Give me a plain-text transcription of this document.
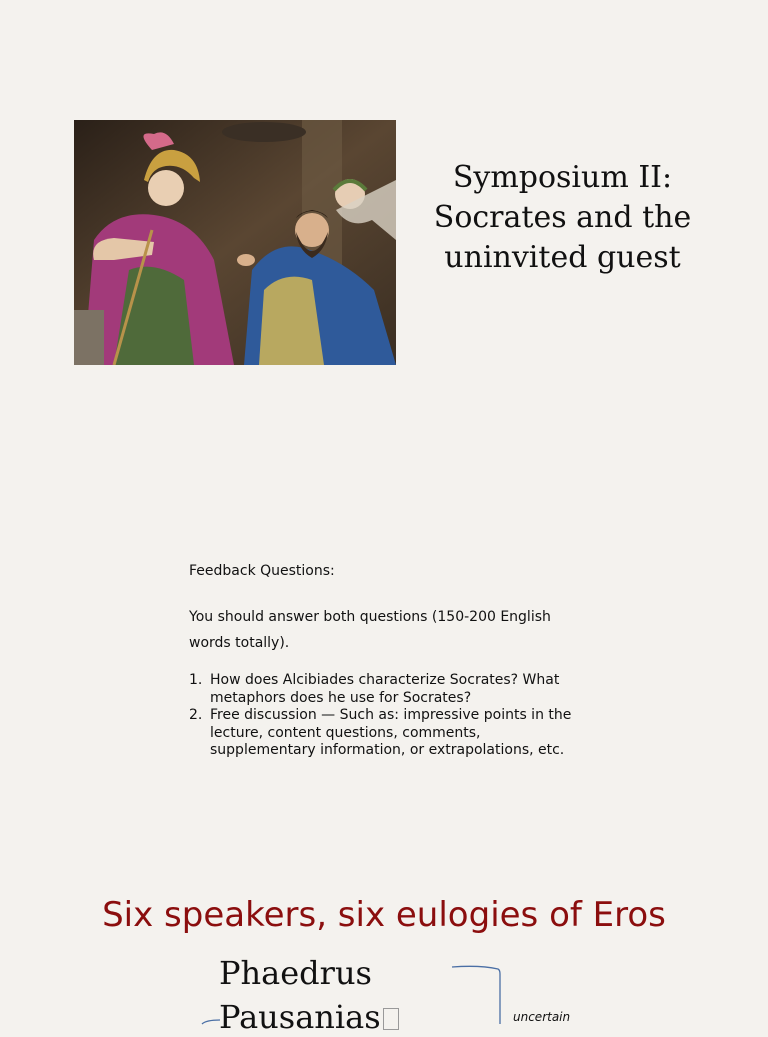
Symposium II:
Socrates and the
uninvited guest

Feedback Questions:

You should answer both questions (150-200 English words totally).

1. How does Alcibiades characterize Socrates? What metaphors does he use for Socrates?
2. Free discussion — Such as: impressive points in the lecture, content questions, comments, supplementary information, or extrapolations, etc.
Six speakers, six eulogies of Eros
Phaedrus
Pausanias	uncertain
